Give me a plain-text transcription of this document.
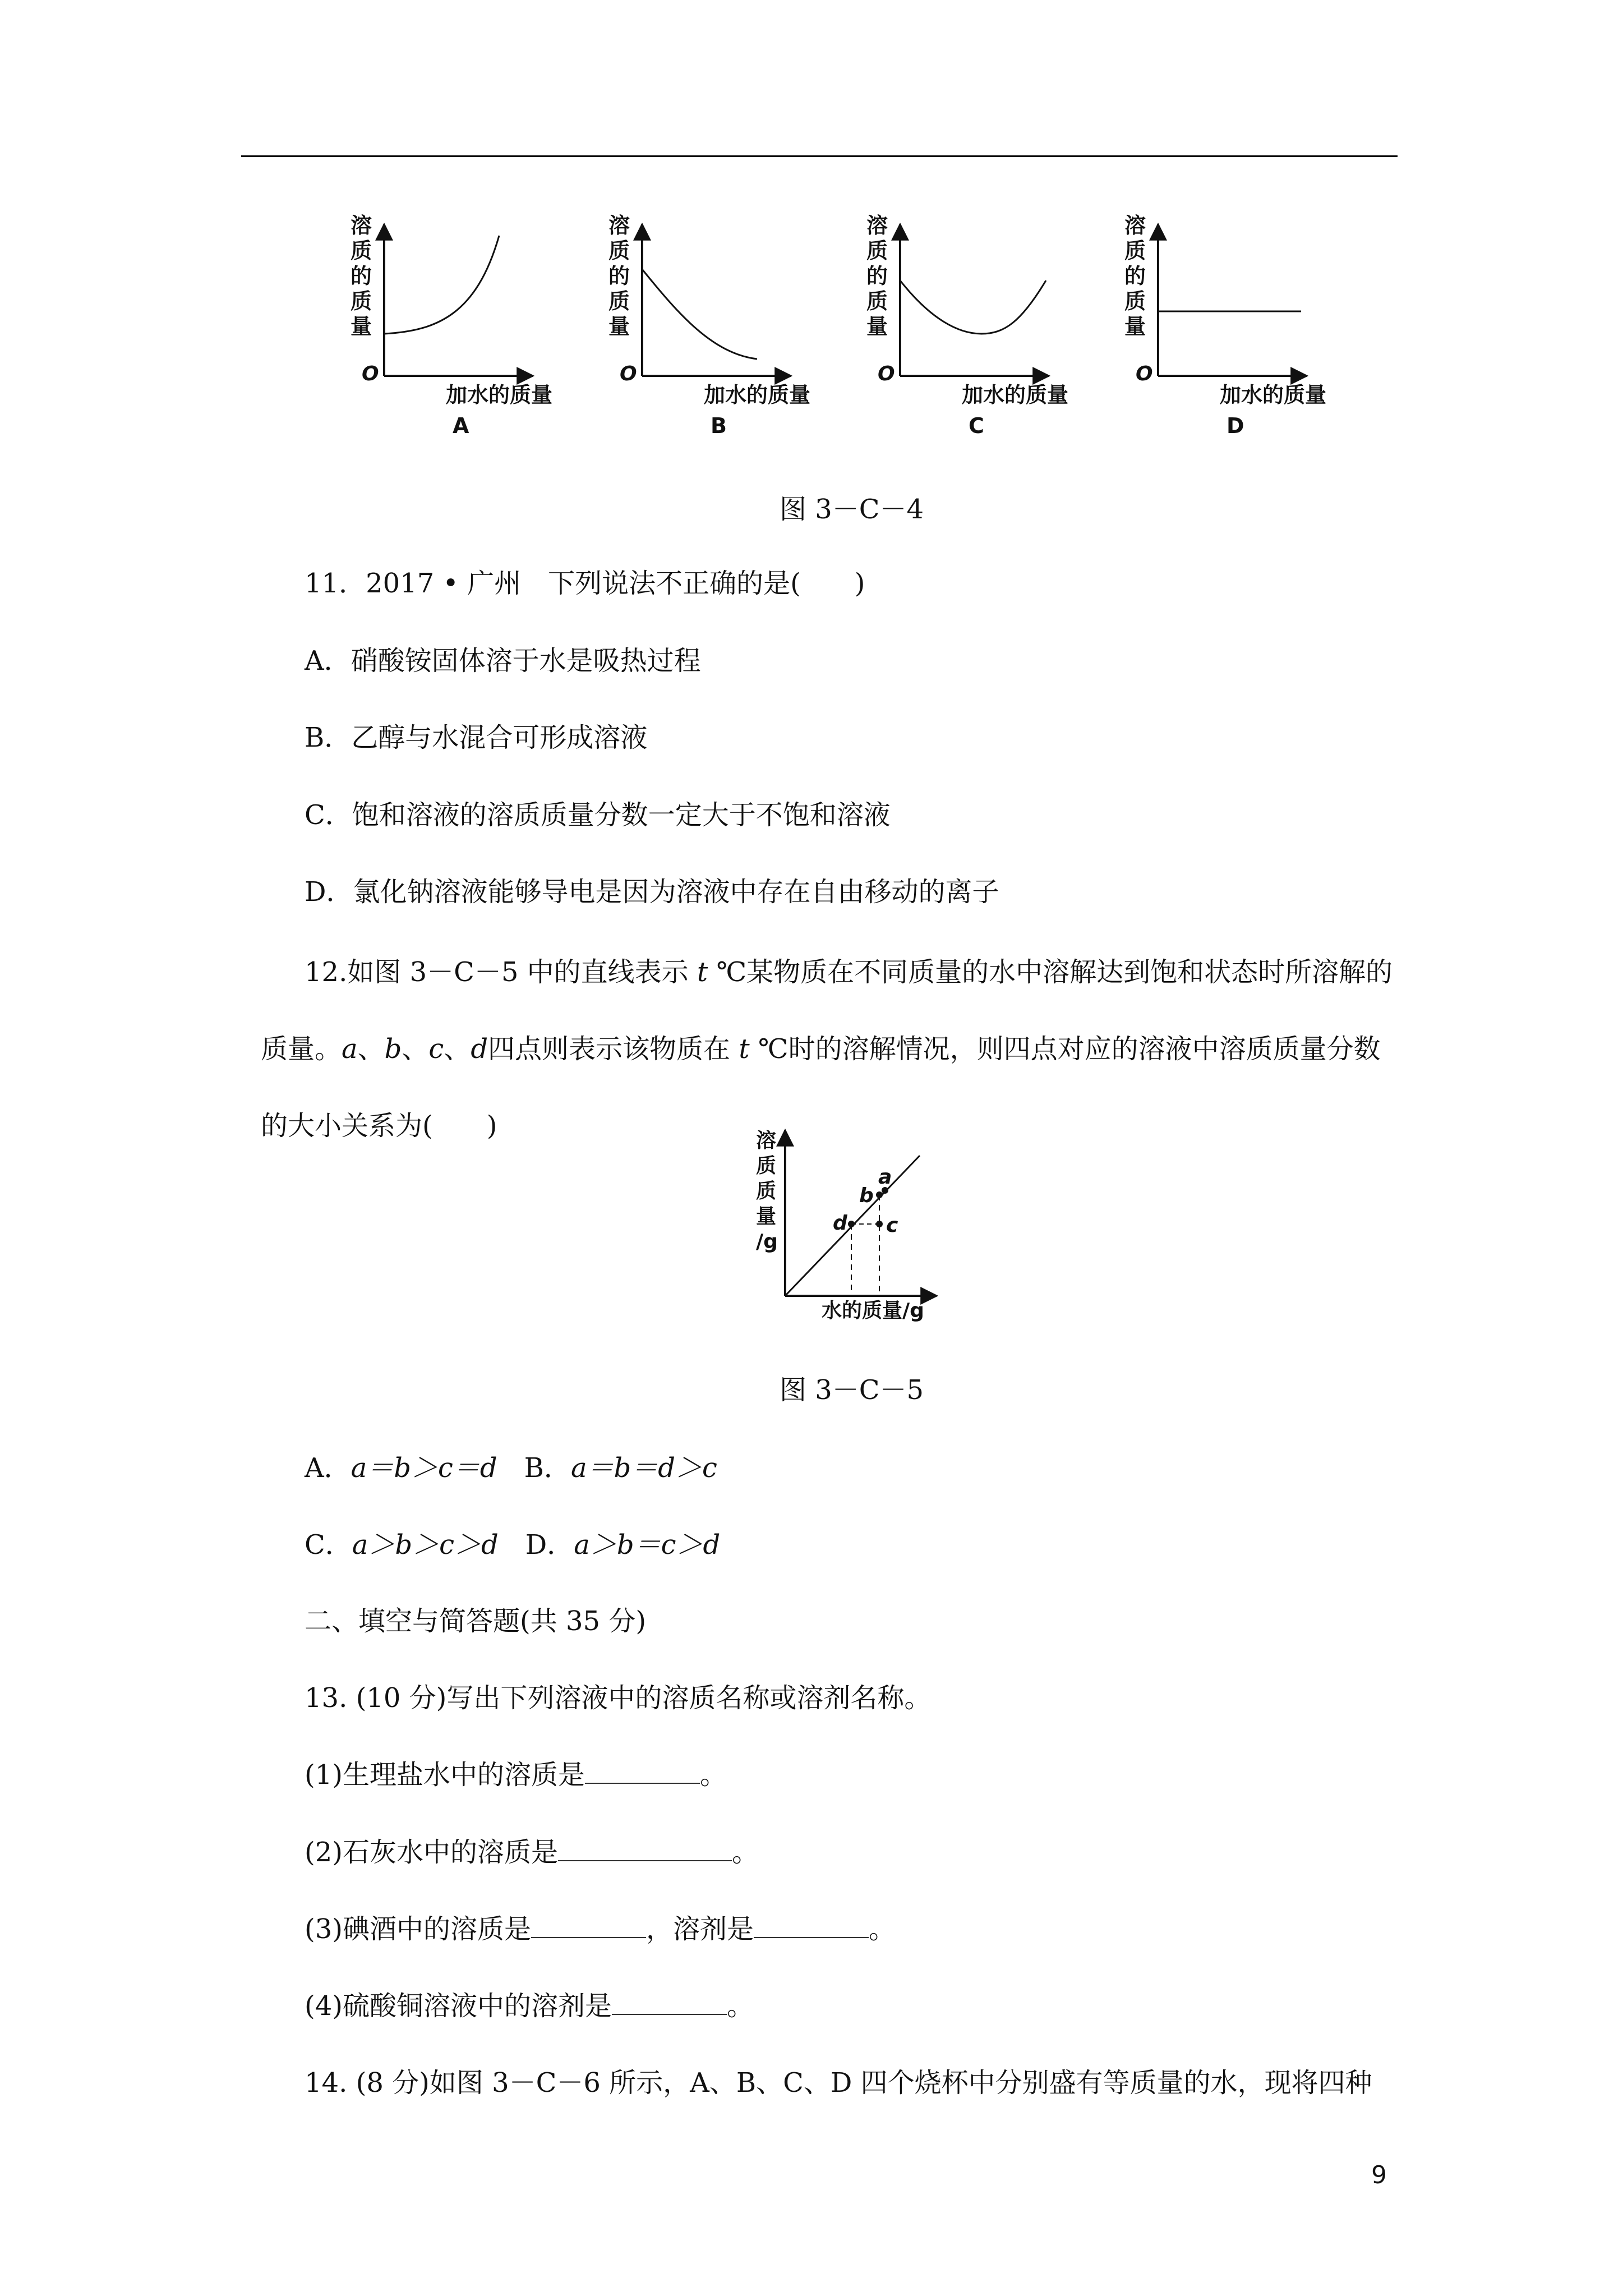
溶
质
的
质
量
O
加水的质量
A
溶
质
的
质
量
O
加水的质量
B
溶
质
的
质
量
O
加水的质量
C
溶
质
的
质
量
O
加水的质量
D
图 3－C－4
11．2017 • 广州　下列说法不正确的是(　　)
A．硝酸铵固体溶于水是吸热过程
B．乙醇与水混合可形成溶液
C．饱和溶液的溶质质量分数一定大于不饱和溶液
D．氯化钠溶液能够导电是因为溶液中存在自由移动的离子
12.如图 3－C－5 中的直线表示 t ℃某物质在不同质量的水中溶解达到饱和状态时所溶解的质量。a、b、c、d四点则表示该物质在 t ℃时的溶解情况，则四点对应的溶液中溶质质量分数的大小关系为(　　)
a
b
c
d
溶
质
质
量
/g
水的质量/g
图 3－C－5
A．a＝b＞c＝d　 B．a＝b＝d＞c
C．a＞b＞c＞d　 D．a＞b＝c＞d
二、填空与简答题(共 35 分)
13. (10 分)写出下列溶液中的溶质名称或溶剂名称。
(1)生理盐水中的溶质是	。
(2)石灰水中的溶质是	。
(3)碘酒中的溶质是	，溶剂是	。
(4)硫酸铜溶液中的溶剂是	。
14. (8 分)如图 3－C－6 所示，A、B、C、D 四个烧杯中分别盛有等质量的水，现将四种
9
